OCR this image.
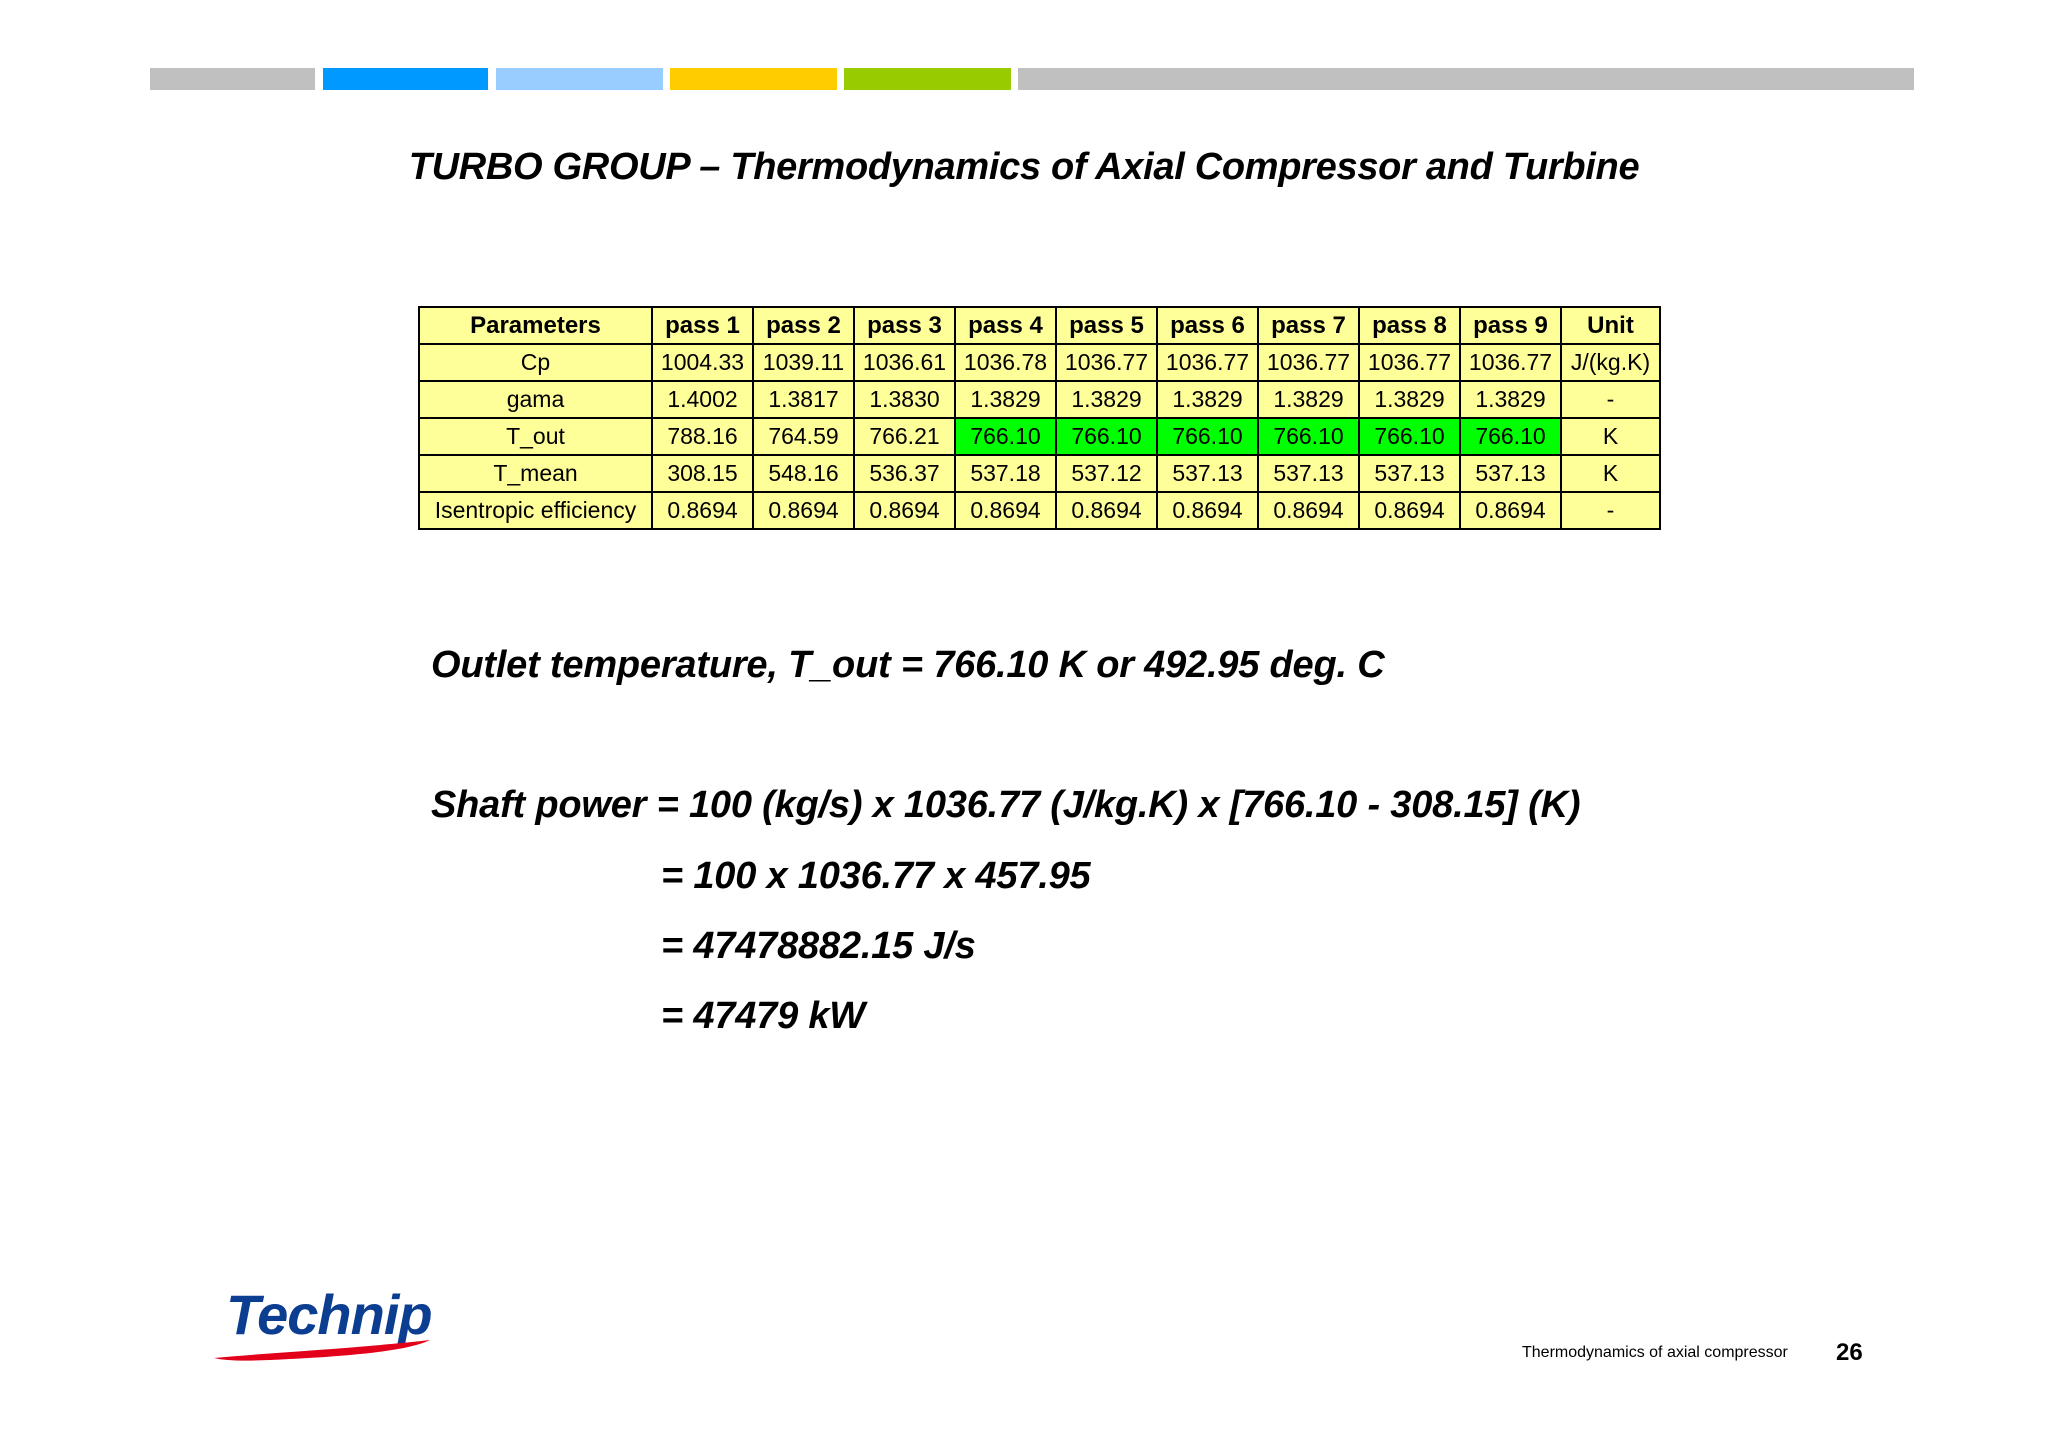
TURBO GROUP – Thermodynamics of Axial Compressor and Turbine
Parameters	pass 1	pass 2	pass 3	pass 4	pass 5	pass 6	pass 7	pass 8	pass 9	Unit
Cp	1004.33	1039.11	1036.61	1036.78	1036.77	1036.77	1036.77	1036.77	1036.77	J/(kg.K)
gama	1.4002	1.3817	1.3830	1.3829	1.3829	1.3829	1.3829	1.3829	1.3829	-
T_out	788.16	764.59	766.21	766.10	766.10	766.10	766.10	766.10	766.10	K
T_mean	308.15	548.16	536.37	537.18	537.12	537.13	537.13	537.13	537.13	K
Isentropic efficiency	0.8694	0.8694	0.8694	0.8694	0.8694	0.8694	0.8694	0.8694	0.8694	-
Outlet temperature, T_out = 766.10 K or 492.95 deg. C
Shaft power = 100 (kg/s) x 1036.77 (J/kg.K) x [766.10 - 308.15] (K)
= 100 x 1036.77 x 457.95
= 47478882.15 J/s
= 47479 kW
Technip
Thermodynamics of axial compressor 26
